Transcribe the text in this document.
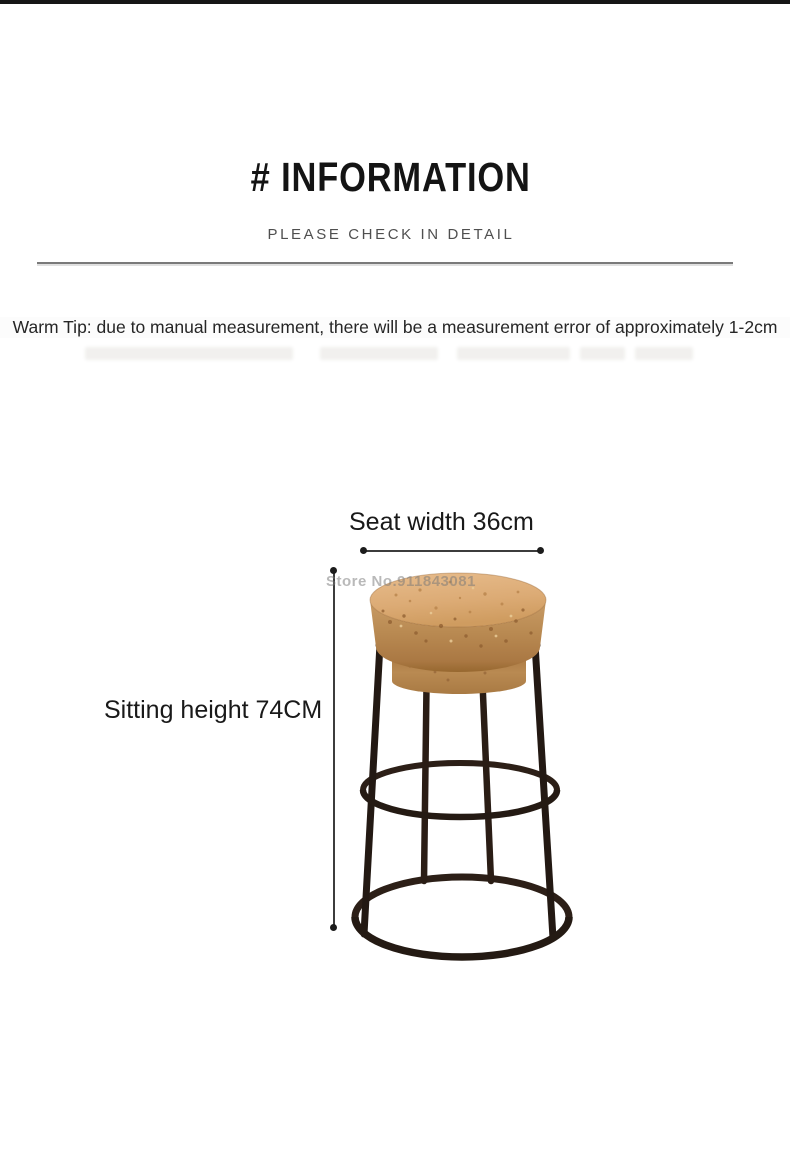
# INFORMATION
PLEASE CHECK IN DETAIL
Warm Tip: due to manual measurement, there will be a measurement error of approximately 1-2cm
Seat width 36cm
Sitting height 74CM
Store No.911843081
